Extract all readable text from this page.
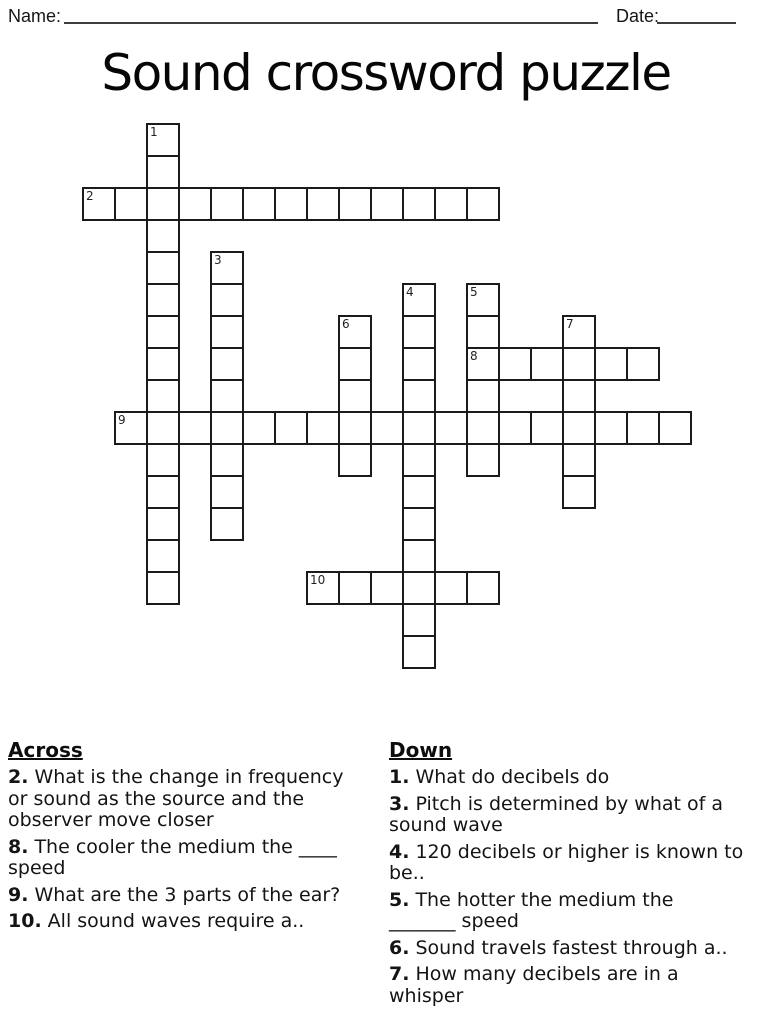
Name:	Date:
Sound crossword puzzle
1
2
3
4	5
6	7
8
9
10
Across

2. What is the change in frequency
or sound as the source and the
observer move closer

8. The cooler the medium the ____
speed

9. What are the 3 parts of the ear?

10. All sound waves require a..

Down

1. What do decibels do

3. Pitch is determined by what of a
sound wave

4. 120 decibels or higher is known to
be..

5. The hotter the medium the
_______ speed

6. Sound travels fastest through a..

7. How many decibels are in a
whisper
